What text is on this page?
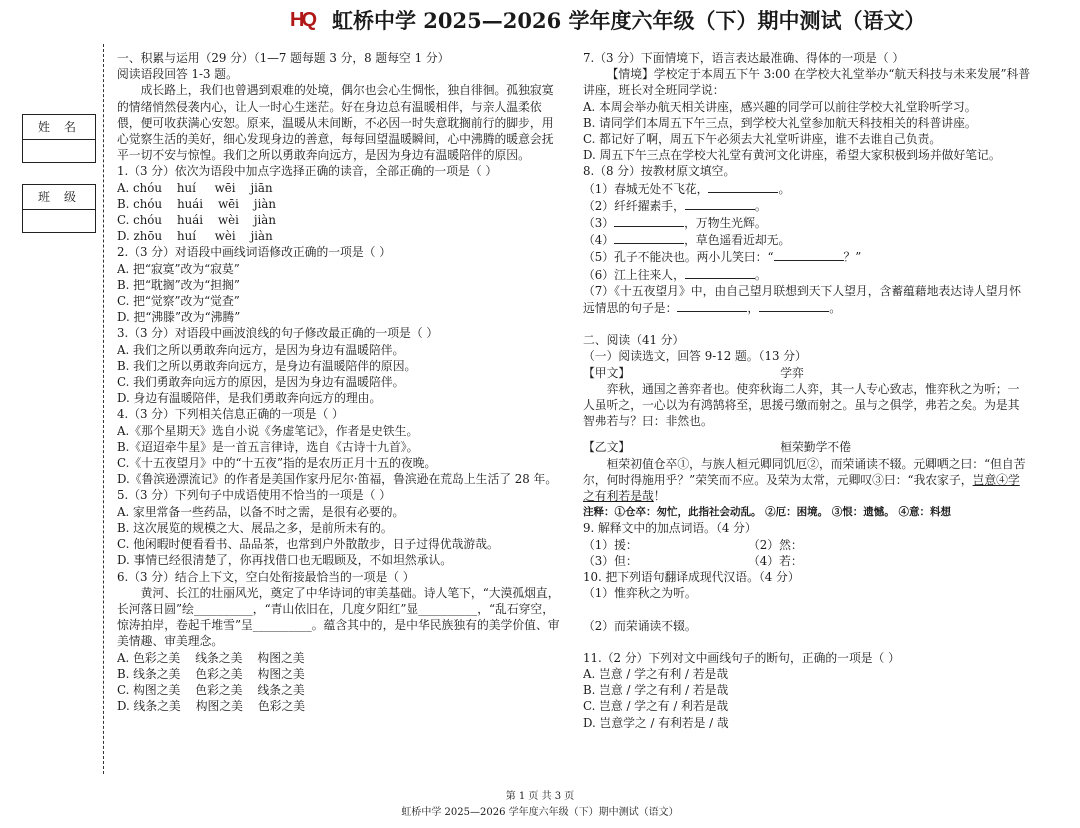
HQ 虹桥中学 2025—2026 学年度六年级（下）期中测试（语文）
姓名
班级

一、积累与运用（29 分）（1—7 题每题 3 分，8 题每空 1 分）

阅读语段回答 1-3 题。

成长路上，我们也曾遇到艰难的处境，偶尔也会心生惆怅，独自徘徊。孤独寂寞的情绪悄然侵袭内心，让人一时心生迷茫。好在身边总有温暖相伴，与亲人温柔依偎，便可收获满心安恕。原来，温暖从未间断，不必因一时失意耽搁前行的脚步，用心觉察生活的美好，细心发现身边的善意，每每回望温暖瞬间，心中沸腾的暖意会抚平一切不安与惊惶。我们之所以勇敢奔向远方，是因为身边有温暖陪伴的原因。

1.（3 分）依次为语段中加点字选择正确的读音，全部正确的一项是（ ）

A. chóu    huí     wēi    jiān

B. chóu    huái    wēi    jiàn

C. chóu    huái    wèi    jiàn

D. zhōu    huí     wèi    jiàn

2.（3 分）对语段中画线词语修改正确的一项是（ ）

A. 把“寂寞”改为“寂莫”

B. 把“耽搁”改为“担搁”

C. 把“觉察”改为“觉查”

D. 把“沸滕”改为“沸腾”

3.（3 分）对语段中画波浪线的句子修改最正确的一项是（ ）

A. 我们之所以勇敢奔向远方，是因为身边有温暖陪伴。

B. 我们之所以勇敢奔向远方，是身边有温暖陪伴的原因。

C. 我们勇敢奔向远方的原因，是因为身边有温暖陪伴。

D. 身边有温暖陪伴，是我们勇敢奔向远方的理由。

4.（3 分）下列相关信息正确的一项是（ ）

A.《那个星期天》选自小说《务虚笔记》，作者是史铁生。

B.《迢迢牵牛星》是一首五言律诗，选自《古诗十九首》。

C.《十五夜望月》中的“十五夜”指的是农历正月十五的夜晚。

D.《鲁滨逊漂流记》的作者是美国作家丹尼尔·笛福，鲁滨逊在荒岛上生活了 28 年。

5.（3 分）下列句子中成语使用不恰当的一项是（ ）

A. 家里常备一些药品，以备不时之需，是很有必要的。

B. 这次展览的规模之大、展品之多，是前所未有的。

C. 他闲暇时便看看书、品品茶，也常到户外散散步，日子过得优哉游哉。

D. 事情已经很清楚了，你再找借口也无暇顾及，不如坦然承认。

6.（3 分）结合上下文，空白处衔接最恰当的一项是（ ）

黄河、长江的壮丽风光，奠定了中华诗词的审美基础。诗人笔下，“大漠孤烟直，长河落日圆”绘__________，“青山依旧在，几度夕阳红”显__________，“乱石穿空，惊涛拍岸，卷起千堆雪”呈__________。蕴含其中的，是中华民族独有的美学价值、审美情趣、审美理念。

A. 色彩之美    线条之美    构图之美

B. 线条之美    色彩之美    构图之美

C. 构图之美    色彩之美    线条之美

D. 线条之美    构图之美    色彩之美

7.（3 分）下面情境下，语言表达最准确、得体的一项是（ ）

【情境】学校定于本周五下午 3:00 在学校大礼堂举办“航天科技与未来发展”科普讲座，班长对全班同学说：

A. 本周会举办航天相关讲座，感兴趣的同学可以前往学校大礼堂聆听学习。

B. 请同学们本周五下午三点，到学校大礼堂参加航天科技相关的科普讲座。

C. 都记好了啊，周五下午必须去大礼堂听讲座，谁不去谁自己负责。

D. 周五下午三点在学校大礼堂有黄河文化讲座，希望大家积极到场并做好笔记。

8.（8 分）按教材原文填空。

（1）春城无处不飞花，	。

（2）纤纤擢素手，	。

（3）	，万物生光辉。

（4）	，草色遥看近却无。

（5）孔子不能决也。两小儿笑曰：“	？”

（6）江上往来人，	。

（7）《十五夜望月》中，由自己望月联想到天下人望月，含蓄蕴藉地表达诗人望月怀远情思的句子是：	，	。

二、阅读（41 分）

（一）阅读选文，回答 9-12 题。（13 分）

【甲文】	学弈

弈秋，通国之善弈者也。使弈秋诲二人弈，其一人专心致志，惟弈秋之为听；一人虽听之，一心以为有鸿鹄将至，思援弓缴而射之。虽与之俱学，弗若之矣。为是其智弗若与？曰：非然也。

【乙文】	桓荣勤学不倦

桓荣初值仓卒①，与族人桓元卿同饥厄②，而荣诵读不辍。元卿哂之曰：“但自苦尔，何时得施用乎？”荣笑而不应。及荣为太常，元卿叹③曰：“我农家子，岂意④学之有利若是哉！

注释：①仓卒：匆忙，此指社会动乱。 ②厄：困境。 ③恨：遗憾。 ④意：料想

9. 解释文中的加点词语。（4 分）

（1）援：	（2）然：

（3）但：	（4）若：

10. 把下列语句翻译成现代汉语。（4 分）

（1）惟弈秋之为听。

（2）而荣诵读不辍。

11.（2 分）下列对文中画线句子的断句，正确的一项是（ ）

A. 岂意 / 学之有利 / 若是哉

B. 岂意 / 学之有利 / 若是哉

C. 岂意 / 学之有 / 利若是哉

D. 岂意学之 / 有利若是 / 哉

第 1 页 共 3 页
虹桥中学 2025—2026 学年度六年级（下）期中测试（语文）
